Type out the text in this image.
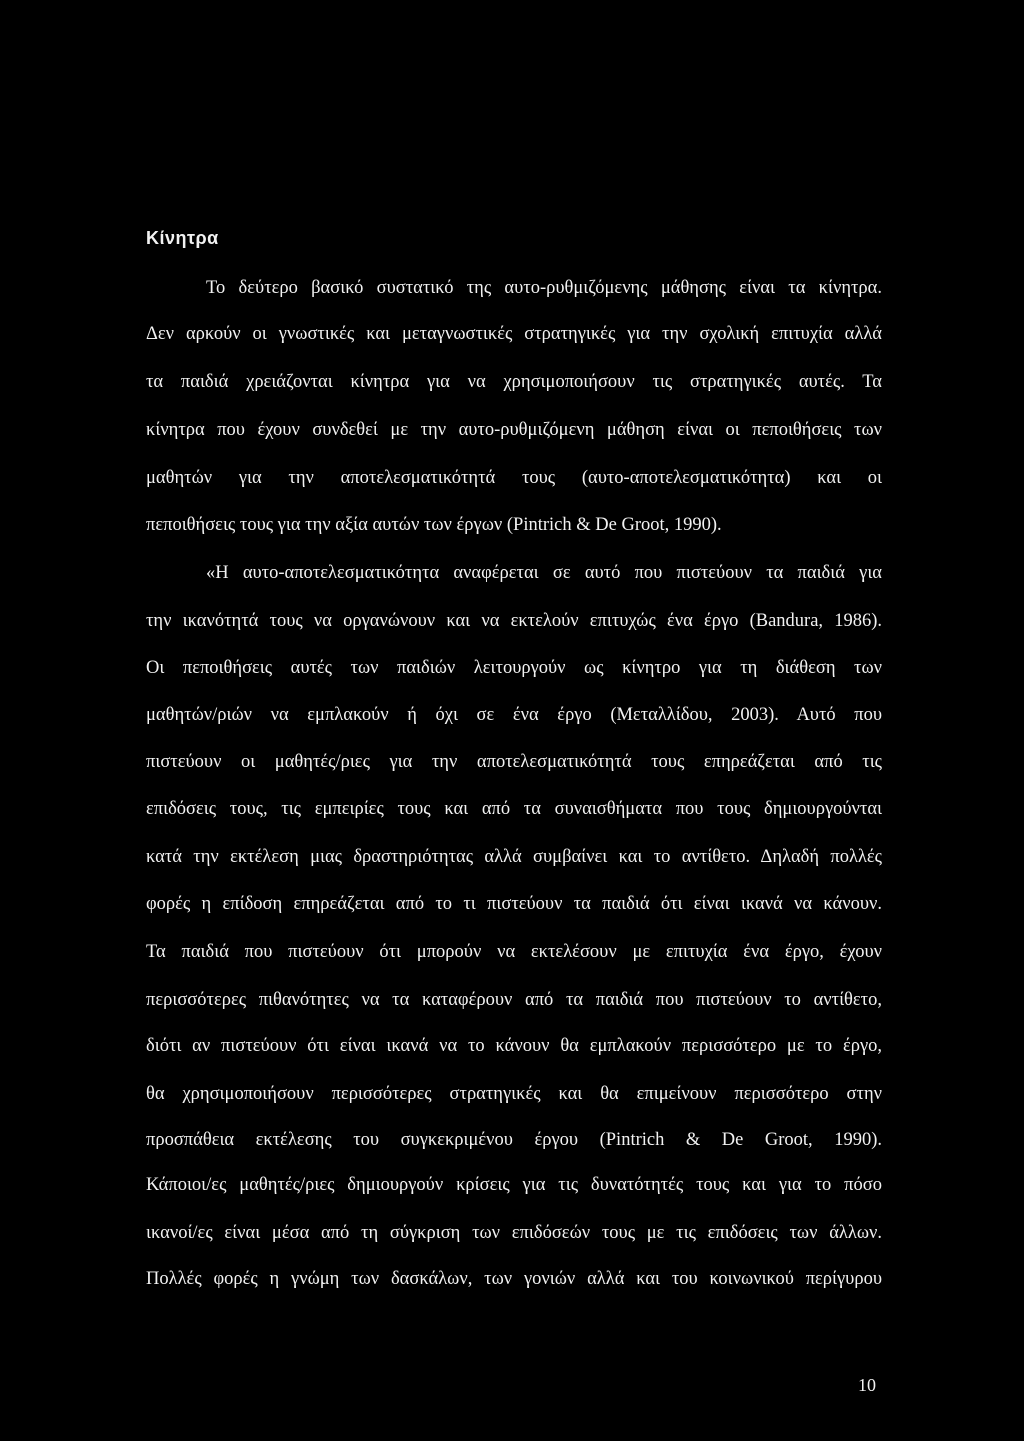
Κίνητρα
Το δεύτερο βασικό συστατικό της αυτο-ρυθμιζόμενης μάθησης είναι τα κίνητρα.
Δεν αρκούν οι γνωστικές και μεταγνωστικές στρατηγικές για την σχολική επιτυχία αλλά
τα παιδιά χρειάζονται κίνητρα για να χρησιμοποιήσουν τις στρατηγικές αυτές. Τα
κίνητρα που έχουν συνδεθεί με την αυτο-ρυθμιζόμενη μάθηση είναι οι πεποιθήσεις των
μαθητών για την αποτελεσματικότητά τους (αυτο-αποτελεσματικότητα) και οι
πεποιθήσεις τους για την αξία αυτών των έργων (Pintrich & De Groot, 1990).
«Η αυτο-αποτελεσματικότητα αναφέρεται σε αυτό που πιστεύουν τα παιδιά για
την ικανότητά τους να οργανώνουν και να εκτελούν επιτυχώς ένα έργο (Bandura, 1986).
Οι πεποιθήσεις αυτές των παιδιών λειτουργούν ως κίνητρο για τη διάθεση των
μαθητών/ριών να εμπλακούν ή όχι σε ένα έργο (Μεταλλίδου, 2003). Αυτό που
πιστεύουν οι μαθητές/ριες για την αποτελεσματικότητά τους επηρεάζεται από τις
επιδόσεις τους, τις εμπειρίες τους και από τα συναισθήματα που τους δημιουργούνται
κατά την εκτέλεση μιας δραστηριότητας αλλά συμβαίνει και το αντίθετο. Δηλαδή πολλές
φορές η επίδοση επηρεάζεται από το τι πιστεύουν τα παιδιά ότι είναι ικανά να κάνουν.
Τα παιδιά που πιστεύουν ότι μπορούν να εκτελέσουν με επιτυχία ένα έργο, έχουν
περισσότερες πιθανότητες να τα καταφέρουν από τα παιδιά που πιστεύουν το αντίθετο,
διότι αν πιστεύουν ότι είναι ικανά να το κάνουν θα εμπλακούν περισσότερο με το έργο,
θα χρησιμοποιήσουν περισσότερες στρατηγικές και θα επιμείνουν περισσότερο στην
προσπάθεια εκτέλεσης του συγκεκριμένου έργου (Pintrich & De Groot, 1990).
Κάποιοι/ες μαθητές/ριες δημιουργούν κρίσεις για τις δυνατότητές τους και για το πόσο
ικανοί/ες είναι μέσα από τη σύγκριση των επιδόσεών τους με τις επιδόσεις των άλλων.
Πολλές φορές η γνώμη των δασκάλων, των γονιών αλλά και του κοινωνικού περίγυρου
10
